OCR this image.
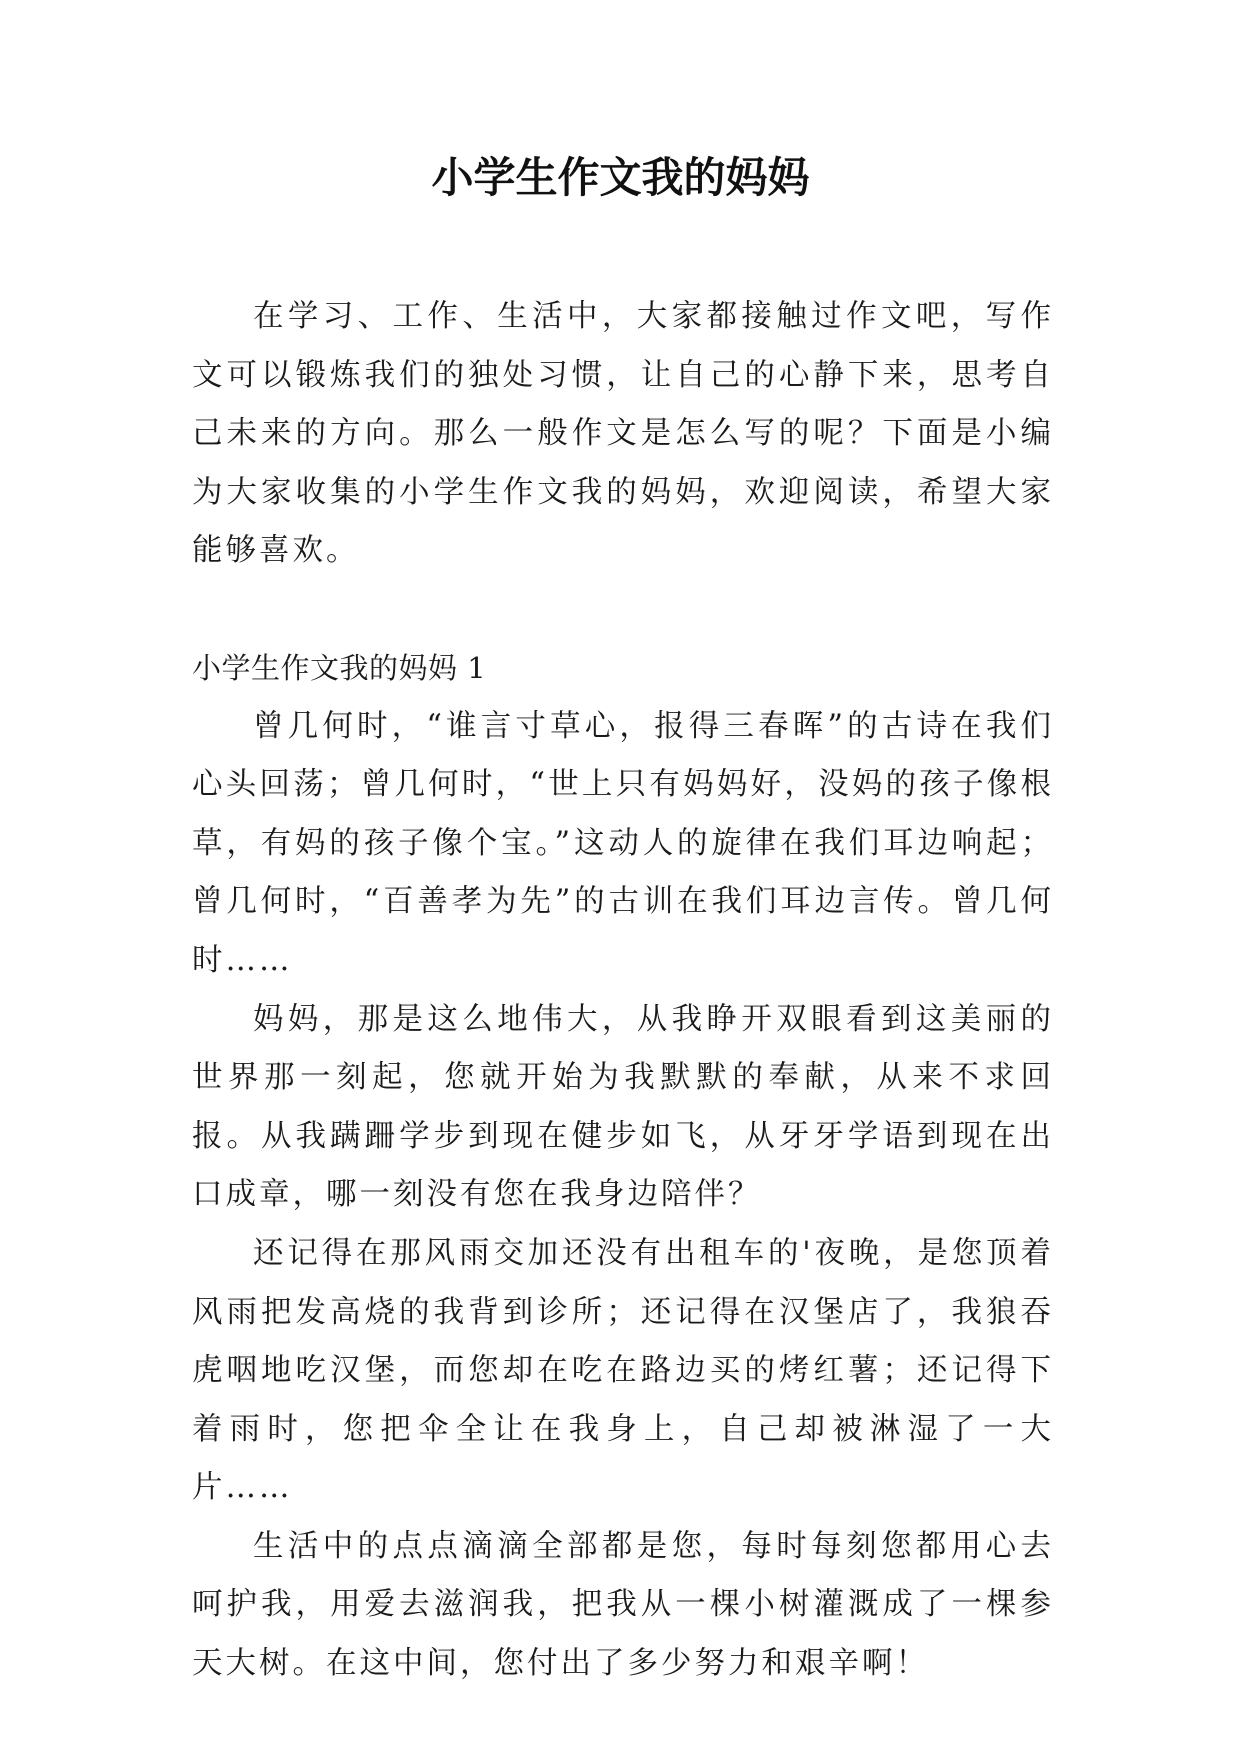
小学生作文我的妈妈

在学习、工作、生活中，大家都接触过作文吧，写作文可以锻炼我们的独处习惯，让自己的心静下来，思考自己未来的方向。那么一般作文是怎么写的呢？下面是小编为大家收集的小学生作文我的妈妈，欢迎阅读，希望大家能够喜欢。

小学生作文我的妈妈 1

曾几何时，“谁言寸草心，报得三春晖”的古诗在我们心头回荡；曾几何时，“世上只有妈妈好，没妈的孩子像根草，有妈的孩子像个宝。”这动人的旋律在我们耳边响起；曾几何时，“百善孝为先”的古训在我们耳边言传。曾几何时……

妈妈，那是这么地伟大，从我睁开双眼看到这美丽的世界那一刻起，您就开始为我默默的奉献，从来不求回报。从我蹒跚学步到现在健步如飞，从牙牙学语到现在出口成章，哪一刻没有您在我身边陪伴？

还记得在那风雨交加还没有出租车的'夜晚，是您顶着风雨把发高烧的我背到诊所；还记得在汉堡店了，我狼吞虎咽地吃汉堡，而您却在吃在路边买的烤红薯；还记得下着雨时，您把伞全让在我身上，自己却被淋湿了一大片……

生活中的点点滴滴全部都是您，每时每刻您都用心去呵护我，用爱去滋润我，把我从一棵小树灌溉成了一棵参天大树。在这中间，您付出了多少努力和艰辛啊！
